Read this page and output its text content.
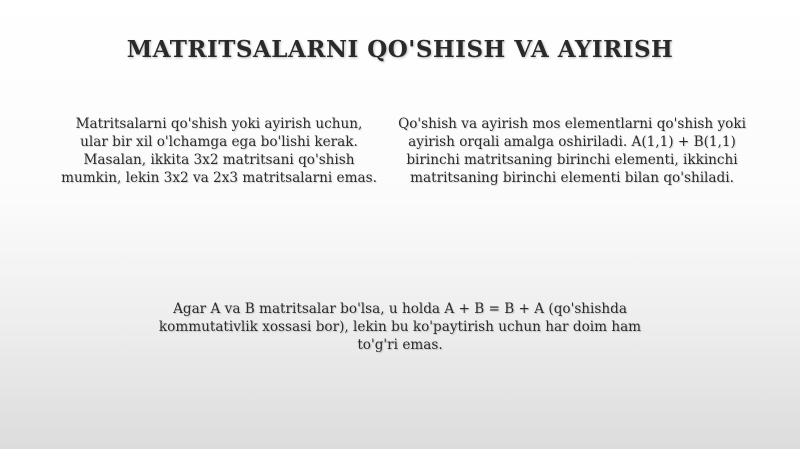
MATRITSALARNI QO'SHISH VA AYIRISH

Matritsalarni qo'shish yoki ayirish uchun, ular bir xil o'lchamga ega bo'lishi kerak. Masalan, ikkita 3x2 matritsani qo'shish mumkin, lekin 3x2 va 2x3 matritsalarni emas.

Qo'shish va ayirish mos elementlarni qo'shish yoki ayirish orqali amalga oshiriladi. A(1,1) + B(1,1) birinchi matritsaning birinchi elementi, ikkinchi matritsaning birinchi elementi bilan qo'shiladi.

Agar A va B matritsalar bo'lsa, u holda A + B = B + A (qo'shishda kommutativlik xossasi bor), lekin bu ko'paytirish uchun har doim ham to'g'ri emas.
